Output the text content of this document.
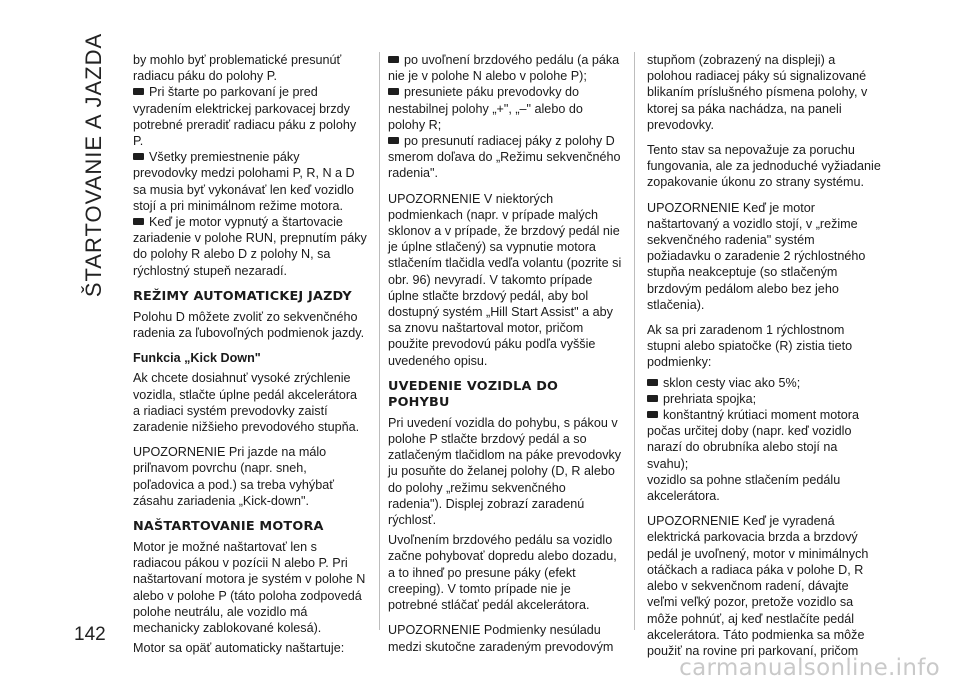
ŠTARTOVANIE A JAZDA
142

by mohlo byť problematické presunúť radiacu páku do polohy P.

Pri štarte po parkovaní je pred vyradením elektrickej parkovacej brzdy potrebné preradiť radiacu páku z polohy P.
Všetky premiestnenie páky prevodovky medzi polohami P, R, N a D sa musia byť vykonávať len keď vozidlo stojí a pri minimálnom režime motora.
Keď je motor vypnutý a štartovacie zariadenie v polohe RUN, prepnutím páky do polohy R alebo D z polohy N, sa rýchlostný stupeň nezaradí.
REŽIMY AUTOMATICKEJ JAZDY

Polohu D môžete zvoliť zo sekvenčného radenia za ľubovoľných podmienok jazdy.

Funkcia „Kick Down"

Ak chcete dosiahnuť vysoké zrýchlenie vozidla, stlačte úplne pedál akcelerátora a riadiaci systém prevodovky zaistí zaradenie nižšieho prevodového stupňa.

UPOZORNENIE Pri jazde na málo priľnavom povrchu (napr. sneh, poľadovica a pod.) sa treba vyhýbať zásahu zariadenia „Kick-down".

NAŠTARTOVANIE MOTORA

Motor je možné naštartovať len s radiacou pákou v pozícii N alebo P. Pri naštartovaní motora je systém v polohe N alebo v polohe P (táto poloha zodpovedá polohe neutrálu, ale vozidlo má mechanicky zablokované kolesá).

Motor sa opäť automaticky naštartuje:

po uvoľnení brzdového pedálu (a páka nie je v polohe N alebo v polohe P);
presuniete páku prevodovky do nestabilnej polohy „+", „–" alebo do polohy R;
po presunutí radiacej páky z polohy D smerom doľava do „Režimu sekvenčného radenia".

UPOZORNENIE V niektorých podmienkach (napr. v prípade malých sklonov a v prípade, že brzdový pedál nie je úplne stlačený) sa vypnutie motora stlačením tlačidla vedľa volantu (pozrite si obr. 96) nevyradí. V takomto prípade úplne stlačte brzdový pedál, aby bol dostupný systém „Hill Start Assist" a aby sa znovu naštartoval motor, pričom použite prevodovú páku podľa vyššie uvedeného opisu.

UVEDENIE VOZIDLA DO POHYBU

Pri uvedení vozidla do pohybu, s pákou v polohe P stlačte brzdový pedál a so zatlačeným tlačidlom na páke prevodovky ju posuňte do želanej polohy (D, R alebo do polohy „režimu sekvenčného radenia"). Displej zobrazí zaradenú rýchlosť.

Uvoľnením brzdového pedálu sa vozidlo začne pohybovať dopredu alebo dozadu, a to ihneď po presune páky (efekt creeping). V tomto prípade nie je potrebné stláčať pedál akcelerátora.

UPOZORNENIE Podmienky nesúladu medzi skutočne zaradeným prevodovým

stupňom (zobrazený na displeji) a polohou radiacej páky sú signalizované blikaním príslušného písmena polohy, v ktorej sa páka nachádza, na paneli prevodovky.

Tento stav sa nepovažuje za poruchu fungovania, ale za jednoduché vyžiadanie zopakovanie úkonu zo strany systému.

UPOZORNENIE Keď je motor naštartovaný a vozidlo stojí, v „režime sekvenčného radenia" systém požiadavku o zaradenie 2 rýchlostného stupňa neakceptuje (so stlačeným brzdovým pedálom alebo bez jeho stlačenia).

Ak sa pri zaradenom 1 rýchlostnom stupni alebo spiatočke (R) zistia tieto podmienky:

sklon cesty viac ako 5%;
prehriata spojka;
konštantný krútiaci moment motora počas určitej doby (napr. keď vozidlo narazí do obrubníka alebo stojí na svahu);

vozidlo sa pohne stlačením pedálu akcelerátora.

UPOZORNENIE Keď je vyradená elektrická parkovacia brzda a brzdový pedál je uvoľnený, motor v minimálnych otáčkach a radiaca páka v polohe D, R alebo v sekvenčnom radení, dávajte veľmi veľký pozor, pretože vozidlo sa môže pohnúť, aj keď nestlačíte pedál akcelerátora. Táto podmienka sa môže použiť na rovine pri parkovaní, pričom

carmanualsonline.info
